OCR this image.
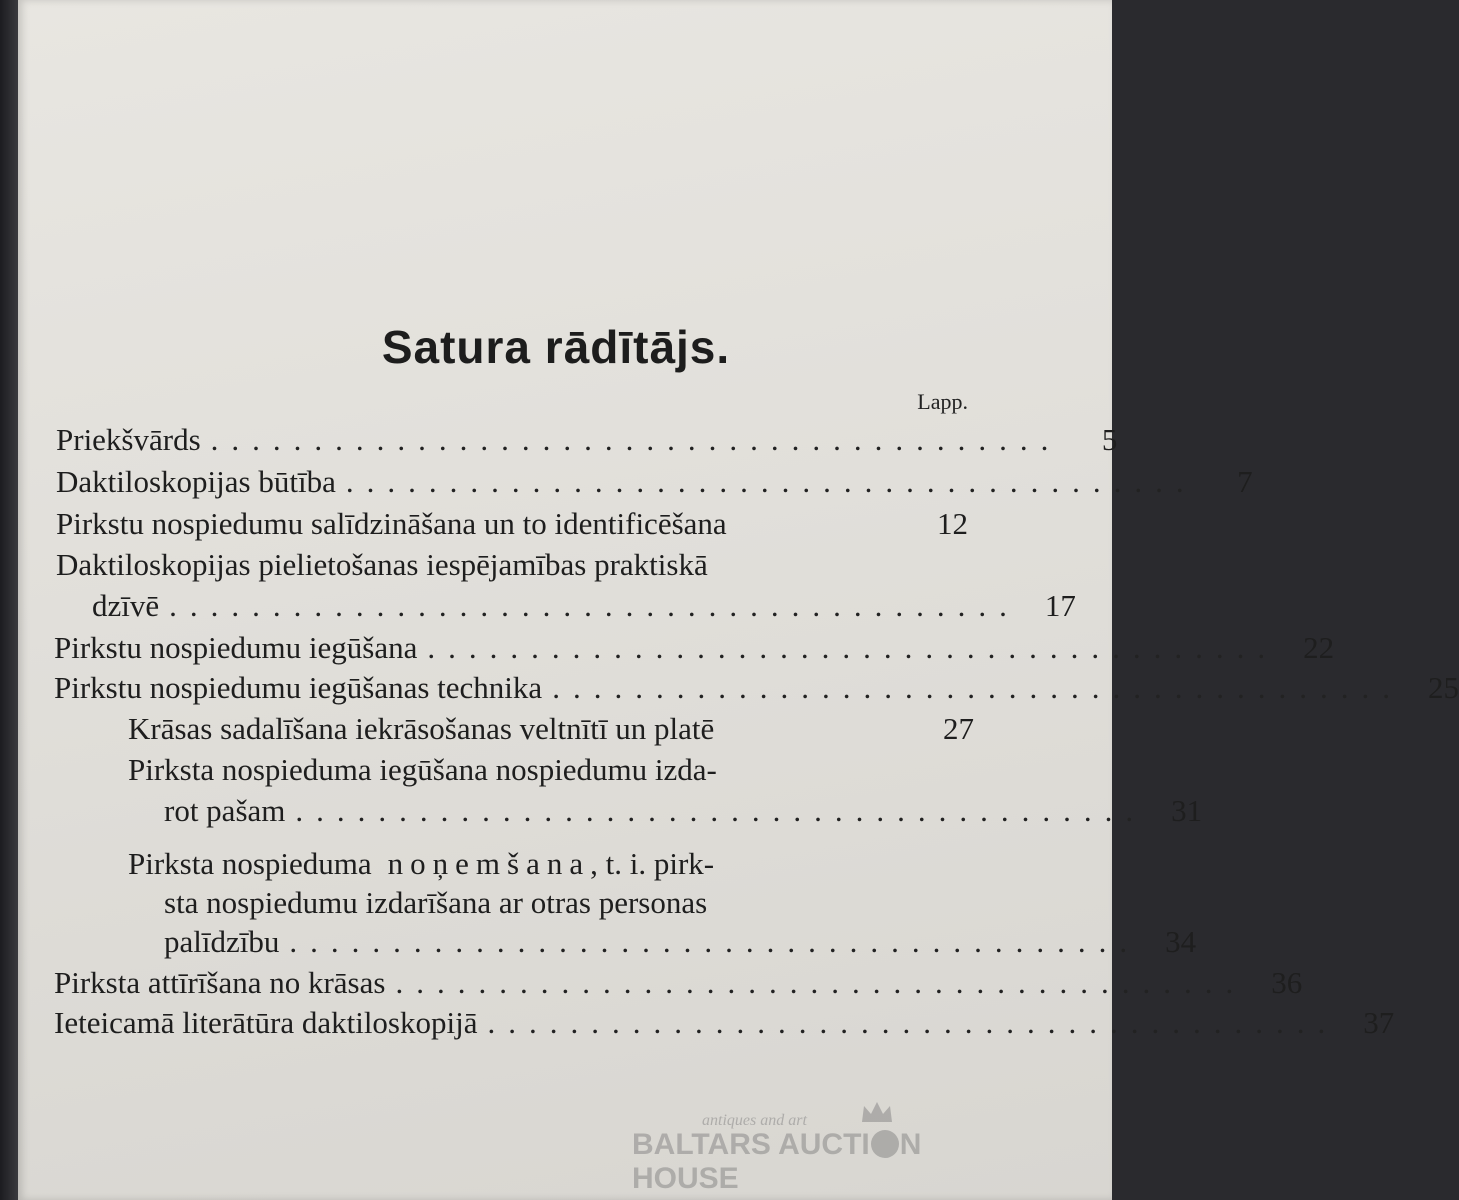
Satura rādītājs.
Lapp.
Priekšvārds .........................................	5
Daktiloskopijas būtība .........................................	7
Pirkstu nospiedumu salīdzināšana un to identificēšana	12
Daktiloskopijas pielietošanas iespējamības praktiskā
dzīvē ......................................... 17
Pirkstu nospiedumu iegūšana ......................................... 22
Pirkstu nospiedumu iegūšanas technika ......................................... 25
Krāsas sadalīšana iekrāsošanas veltnītī un platē	27
Pirksta nospieduma iegūšana nospiedumu izda-
rot pašam ......................................... 31
Pirksta nospieduma noņemšana , t. i. pirk-
sta nospiedumu izdarīšana ar otras personas
palīdzību ......................................... 34
Pirksta attīrīšana no krāsas ......................................... 36
Ieteicamā literātūra daktiloskopijā ......................................... 37
antiques and art
BALTARS AUCTI N HOUSE
